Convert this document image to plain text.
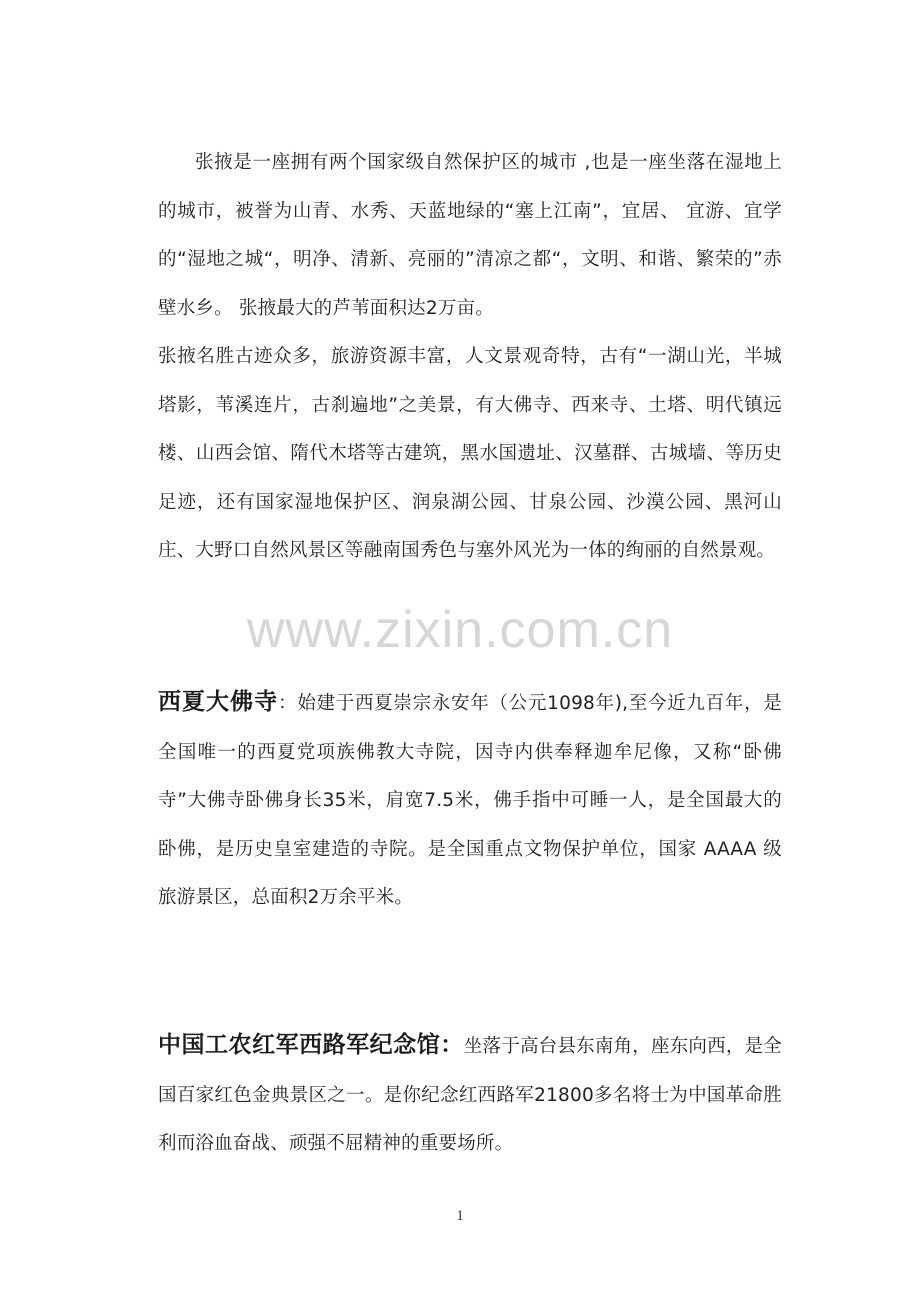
张掖是一座拥有两个国家级自然保护区的城市 ,也是一座坐落在湿地上的城市，被誉为山青、水秀、天蓝地绿的“塞上江南”，宜居、 宜游、宜学的“湿地之城“，明净、清新、亮丽的”清凉之都“，文明、和谐、繁荣的”赤壁水乡。 张掖最大的芦苇面积达2万亩。

张掖名胜古迹众多，旅游资源丰富，人文景观奇特，古有“一湖山光，半城塔影，苇溪连片，古刹遍地”之美景，有大佛寺、西来寺、土塔、明代镇远楼、山西会馆、隋代木塔等古建筑，黑水国遗址、汉墓群、古城墙、等历史足迹，还有国家湿地保护区、润泉湖公园、甘泉公园、沙漠公园、黑河山庄、大野口自然风景区等融南国秀色与塞外风光为一体的绚丽的自然景观。

www.zixin.com.cn

西夏大佛寺：始建于西夏崇宗永安年（公元1098年),至今近九百年，是全国唯一的西夏党项族佛教大寺院，因寺内供奉释迦牟尼像，又称“卧佛寺”大佛寺卧佛身长35米，肩宽7.5米，佛手指中可睡一人，是全国最大的卧佛，是历史皇室建造的寺院。是全国重点文物保护单位，国家 AAAA 级旅游景区，总面积2万余平米。

中国工农红军西路军纪念馆：坐落于高台县东南角，座东向西，是全国百家红色金典景区之一。是你纪念红西路军21800多名将士为中国革命胜利而浴血奋战、顽强不屈精神的重要场所。

1
